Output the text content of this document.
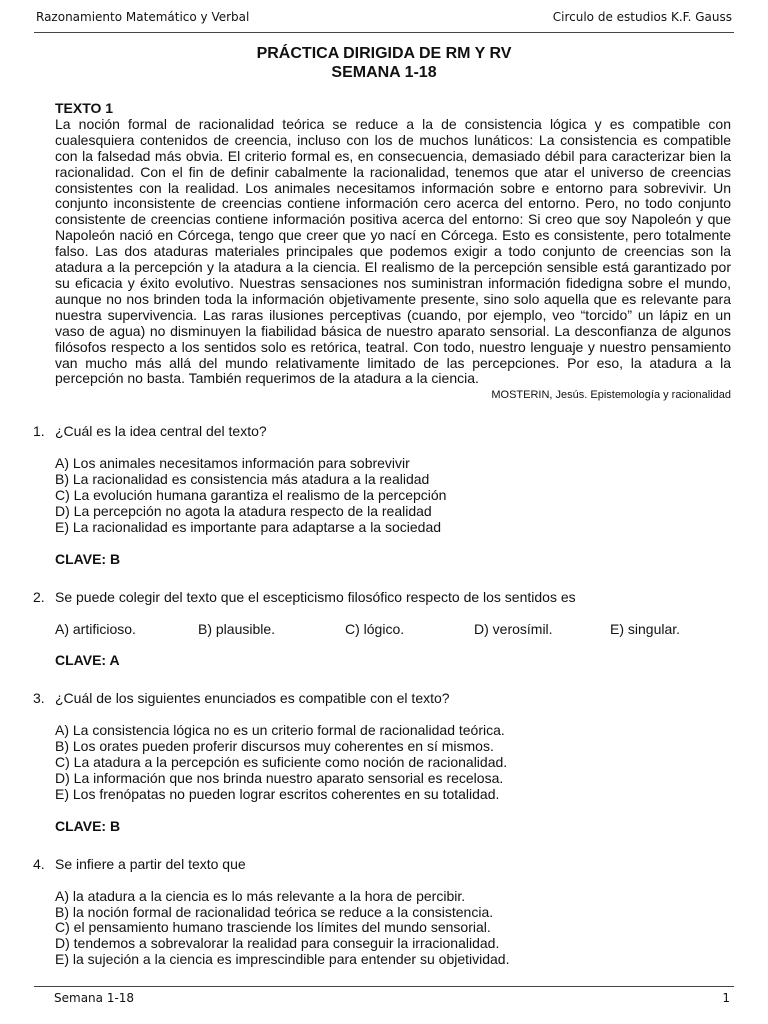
Razonamiento Matemático y Verbal	Circulo de estudios K.F. Gauss
PRÁCTICA DIRIGIDA DE RM Y RV
SEMANA 1-18
TEXTO 1

La noción formal de racionalidad teórica se reduce a la de consistencia lógica y es compatible con cualesquiera contenidos de creencia, incluso con los de muchos lunáticos: La consistencia es compatible con la falsedad más obvia. El criterio formal es, en consecuencia, demasiado débil para caracterizar bien la racionalidad. Con el fin de definir cabalmente la racionalidad, tenemos que atar el universo de creencias consistentes con la realidad. Los animales necesitamos información sobre e entorno para sobrevivir. Un conjunto inconsistente de creencias contiene información cero acerca del entorno. Pero, no todo conjunto consistente de creencias contiene información positiva acerca del entorno: Si creo que soy Napoleón y que Napoleón nació en Córcega, tengo que creer que yo nací en Córcega. Esto es consistente, pero totalmente falso. Las dos ataduras materiales principales que podemos exigir a todo conjunto de creencias son la atadura a la percepción y la atadura a la ciencia. El realismo de la percepción sensible está garantizado por su eficacia y éxito evolutivo. Nuestras sensaciones nos suministran información fidedigna sobre el mundo, aunque no nos brinden toda la información objetivamente presente, sino solo aquella que es relevante para nuestra supervivencia. Las raras ilusiones perceptivas (cuando, por ejemplo, veo “torcido” un lápiz en un vaso de agua) no disminuyen la fiabilidad básica de nuestro aparato sensorial. La desconfianza de algunos filósofos respecto a los sentidos solo es retórica, teatral. Con todo, nuestro lenguaje y nuestro pensamiento van mucho más allá del mundo relativamente limitado de las percepciones. Por eso, la atadura a la percepción no basta. También requerimos de la atadura a la ciencia.

MOSTERIN, Jesús. Epistemología y racionalidad
1. ¿Cuál es la idea central del texto?
A) Los animales necesitamos información para sobrevivir
B) La racionalidad es consistencia más atadura a la realidad
C) La evolución humana garantiza el realismo de la percepción
D) La percepción no agota la atadura respecto de la realidad
E) La racionalidad es importante para adaptarse a la sociedad
CLAVE: B
2. Se puede colegir del texto que el escepticismo filosófico respecto de los sentidos es
A) artificioso.	B) plausible.	C) lógico.	D) verosímil.	E) singular.
CLAVE: A
3. ¿Cuál de los siguientes enunciados es compatible con el texto?
A) La consistencia lógica no es un criterio formal de racionalidad teórica.
B) Los orates pueden proferir discursos muy coherentes en sí mismos.
C) La atadura a la percepción es suficiente como noción de racionalidad.
D) La información que nos brinda nuestro aparato sensorial es recelosa.
E) Los frenópatas no pueden lograr escritos coherentes en su totalidad.
CLAVE: B
4. Se infiere a partir del texto que
A) la atadura a la ciencia es lo más relevante a la hora de percibir.
B) la noción formal de racionalidad teórica se reduce a la consistencia.
C) el pensamiento humano trasciende los límites del mundo sensorial.
D) tendemos a sobrevalorar la realidad para conseguir la irracionalidad.
E) la sujeción a la ciencia es imprescindible para entender su objetividad.
Semana 1-18	1
